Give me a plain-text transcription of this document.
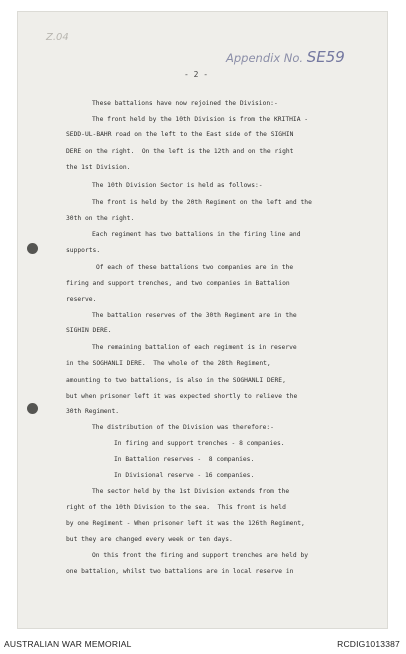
Z.04
Appendix No. SE59
- 2 -
These battalions have now rejoined the Division:-
The front held by the 10th Division is from the KRITHIA -
SEDD-UL-BAHR road on the left to the East side of the SIGHIN
DERE on the right.  On the left is the 12th and on the right
the 1st Division.
The 10th Division Sector is held as follows:-
The front is held by the 20th Regiment on the left and the
30th on the right.
Each regiment has two battalions in the firing line and
supports.
Of each of these battalions two companies are in the
firing and support trenches, and two companies in Battalion
reserve.
The battalion reserves of the 30th Regiment are in the
SIGHIN DERE.
The remaining battalion of each regiment is in reserve
in the SOGHANLI DERE.  The whole of the 28th Regiment,
amounting to two battalions, is also in the SOGHANLI DERE,
but when prisoner left it was expected shortly to relieve the
30th Regiment.
The distribution of the Division was therefore:-
In firing and support trenches - 8 companies.
In Battalion reserves -  8 companies.
In Divisional reserve - 16 companies.
The sector held by the 1st Division extends from the
right of the 10th Division to the sea.  This front is held
by one Regiment - When prisoner left it was the 126th Regiment,
but they are changed every week or ten days.
On this front the firing and support trenches are held by
one battalion, whilst two battalions are in local reserve in
AUSTRALIAN WAR MEMORIAL	RCDIG1013387
